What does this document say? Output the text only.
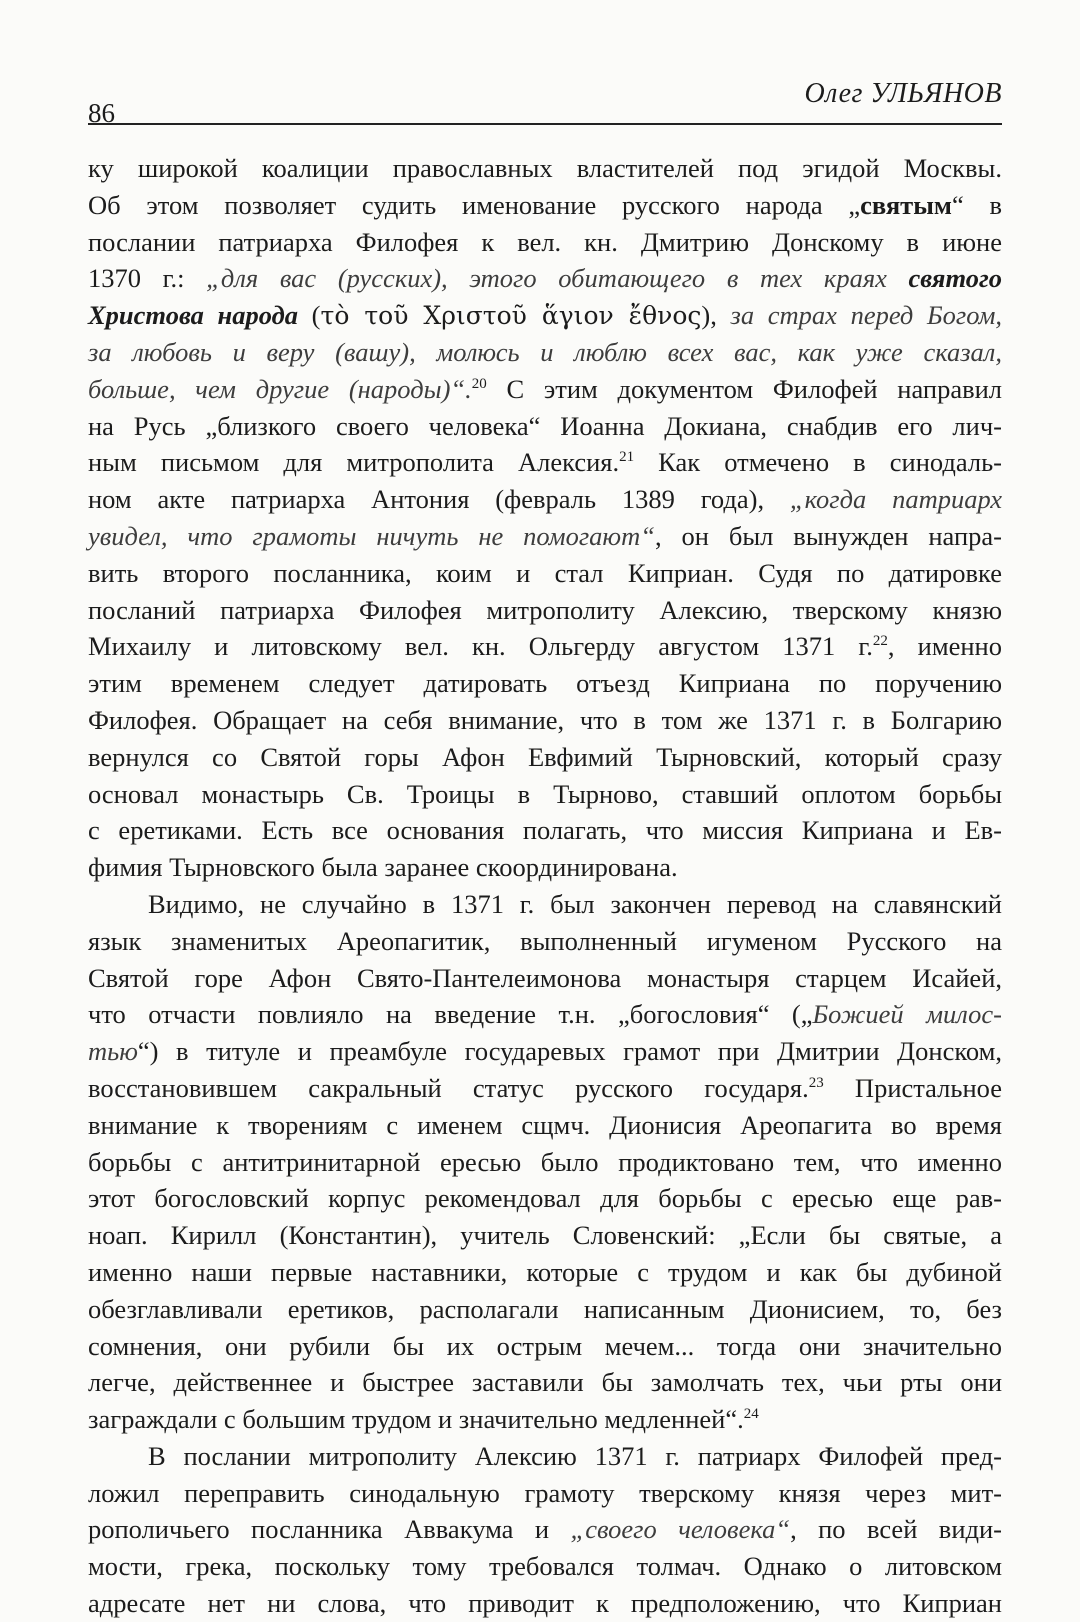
86
Олег УЛЬЯНОВ
ку широкой коалиции православных властителей под эгидой Москвы.
Об этом позволяет судить именование русского народа „святым“ в
послании патриарха Филофея к вел. кн. Дмитрию Донскому в июне
1370 г.: „для вас (русских), этого обитающего в тех краях святого
Христова народа (τὸ τοῦ Χριστοῦ ἅγιον ἔθνος), за страх перед Богом,
за любовь и веру (вашу), молюсь и люблю всех вас, как уже сказал,
больше, чем другие (народы)“.$^{20}$ С этим документом Филофей направил
на Русь „близкого своего человека“ Иоанна Докиана, снабдив его лич-
ным письмом для митрополита Алексия.$^{21}$ Как отмечено в синодаль-
ном акте патриарха Антония (февраль 1389 года), „когда патриарх
увидел, что грамоты ничуть не помогают“, он был вынужден напра-
вить второго посланника, коим и стал Киприан. Судя по датировке
посланий патриарха Филофея митрополиту Алексию, тверскому князю
Михаилу и литовскому вел. кн. Ольгерду августом 1371 г.$^{22}$, именно
этим временем следует датировать отъезд Киприана по поручению
Филофея. Обращает на себя внимание, что в том же 1371 г. в Болгарию
вернулся со Святой горы Афон Евфимий Тырновский, который сразу
основал монастырь Св. Троицы в Тырново, ставший оплотом борьбы
с еретиками. Есть все основания полагать, что миссия Киприана и Ев-
фимия Тырновского была заранее скоординирована.
Видимо, не случайно в 1371 г. был закончен перевод на славянский
язык знаменитых Ареопагитик, выполненный игуменом Русского на
Святой горе Афон Свято-Пантелеимонова монастыря старцем Исайей,
что отчасти повлияло на введение т.н. „богословия“ („Божией милос-
тью“) в титуле и преамбуле государевых грамот при Дмитрии Донском,
восстановившем сакральный статус русского государя.$^{23}$ Пристальное
внимание к творениям с именем сщмч. Дионисия Ареопагита во время
борьбы с антитринитарной ересью было продиктовано тем, что именно
этот богословский корпус рекомендовал для борьбы с ересью еще рав-
ноап. Кирилл (Константин), учитель Словенский: „Если бы святые, а
именно наши первые наставники, которые с трудом и как бы дубиной
обезглавливали еретиков, располагали написанным Дионисием, то, без
сомнения, они рубили бы их острым мечем... тогда они значительно
легче, действеннее и быстрее заставили бы замолчать тех, чьи рты они
заграждали с большим трудом и значительно медленней“.$^{24}$
В послании митрополиту Алексию 1371 г. патриарх Филофей пред-
ложил переправить синодальную грамоту тверскому князя через мит-
рополичьего посланника Аввакума и „своего человека“, по всей види-
мости, грека, поскольку тому требовался толмач. Однако о литовском
адресате нет ни слова, что приводит к предположению, что Киприан
